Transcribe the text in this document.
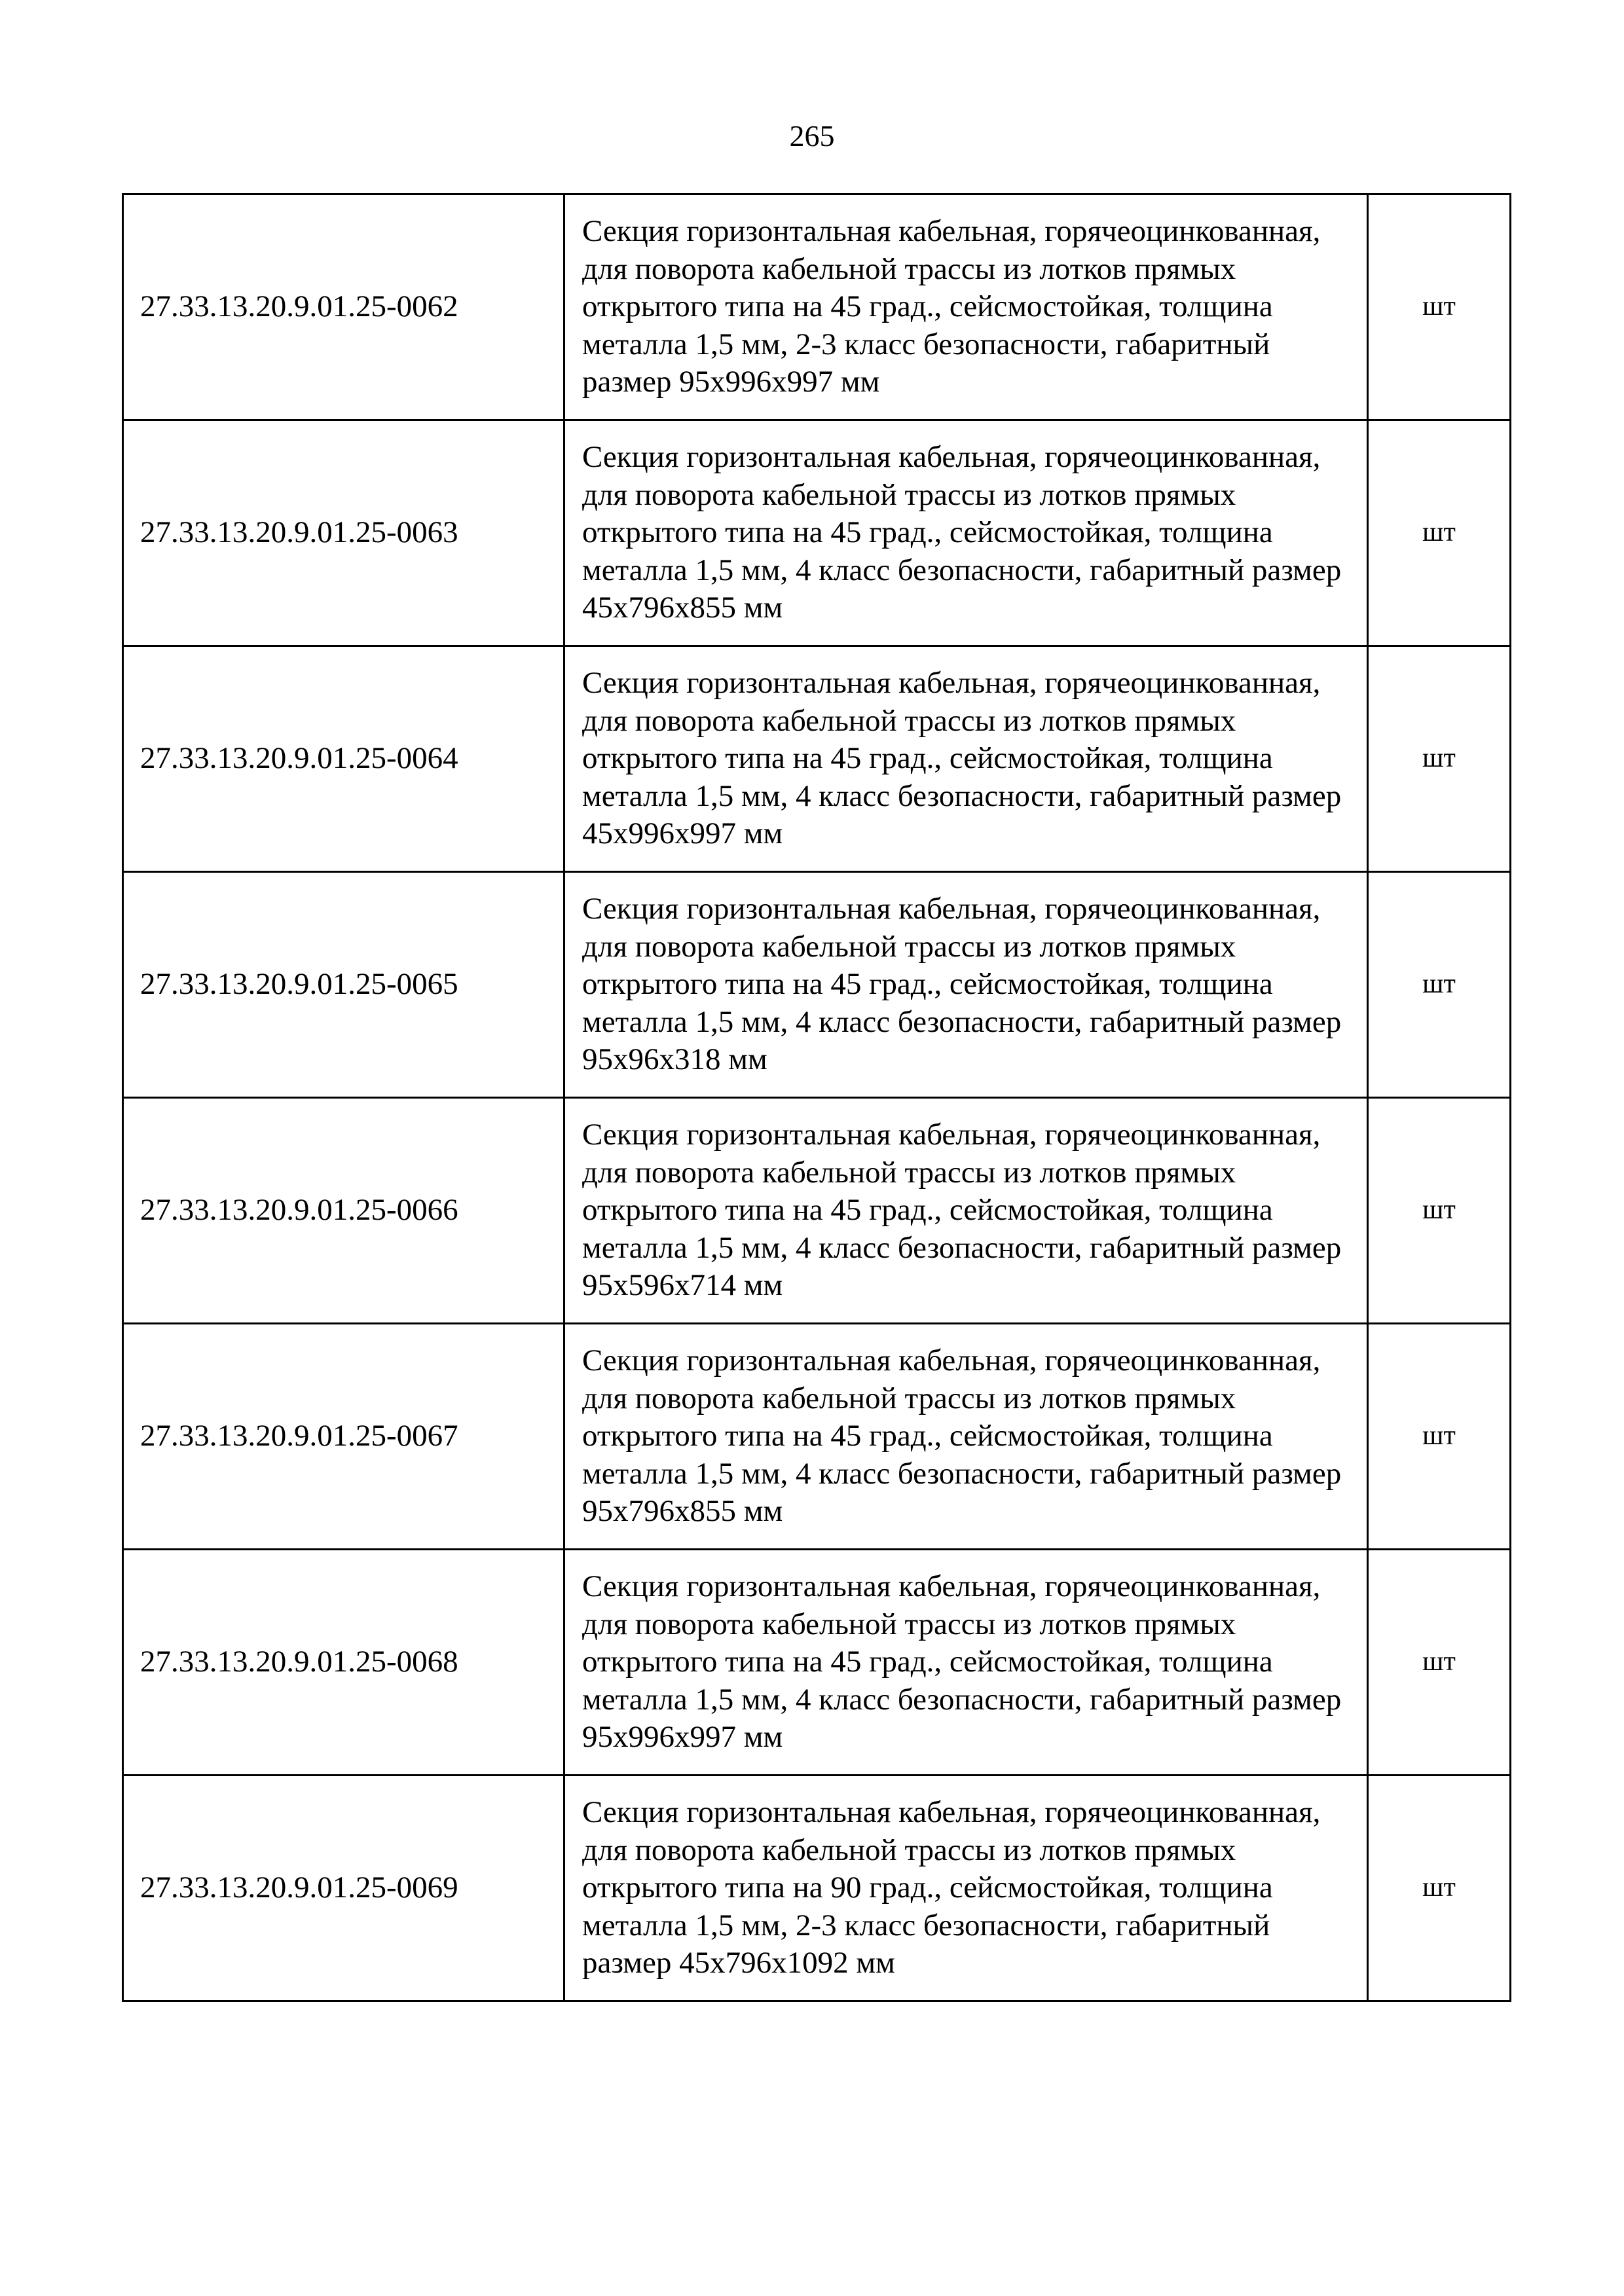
265
27.33.13.20.9.01.25-0062	Секция горизонтальная кабельная, горячеоцинкованная, для поворота кабельной трассы из лотков прямых открытого типа на 45 град., сейсмостойкая, толщина металла 1,5 мм, 2-3 класс безопасности, габаритный размер 95х996х997 мм	шт
27.33.13.20.9.01.25-0063	Секция горизонтальная кабельная, горячеоцинкованная, для поворота кабельной трассы из лотков прямых открытого типа на 45 град., сейсмостойкая, толщина металла 1,5 мм, 4 класс безопасности, габаритный размер 45х796х855 мм	шт
27.33.13.20.9.01.25-0064	Секция горизонтальная кабельная, горячеоцинкованная, для поворота кабельной трассы из лотков прямых открытого типа на 45 град., сейсмостойкая, толщина металла 1,5 мм, 4 класс безопасности, габаритный размер 45х996х997 мм	шт
27.33.13.20.9.01.25-0065	Секция горизонтальная кабельная, горячеоцинкованная, для поворота кабельной трассы из лотков прямых открытого типа на 45 град., сейсмостойкая, толщина металла 1,5 мм, 4 класс безопасности, габаритный размер 95х96х318 мм	шт
27.33.13.20.9.01.25-0066	Секция горизонтальная кабельная, горячеоцинкованная, для поворота кабельной трассы из лотков прямых открытого типа на 45 град., сейсмостойкая, толщина металла 1,5 мм, 4 класс безопасности, габаритный размер 95х596х714 мм	шт
27.33.13.20.9.01.25-0067	Секция горизонтальная кабельная, горячеоцинкованная, для поворота кабельной трассы из лотков прямых открытого типа на 45 град., сейсмостойкая, толщина металла 1,5 мм, 4 класс безопасности, габаритный размер 95х796х855 мм	шт
27.33.13.20.9.01.25-0068	Секция горизонтальная кабельная, горячеоцинкованная, для поворота кабельной трассы из лотков прямых открытого типа на 45 град., сейсмостойкая, толщина металла 1,5 мм, 4 класс безопасности, габаритный размер 95х996х997 мм	шт
27.33.13.20.9.01.25-0069	Секция горизонтальная кабельная, горячеоцинкованная, для поворота кабельной трассы из лотков прямых открытого типа на 90 град., сейсмостойкая, толщина металла 1,5 мм, 2-3 класс безопасности, габаритный размер 45х796х1092 мм	шт
